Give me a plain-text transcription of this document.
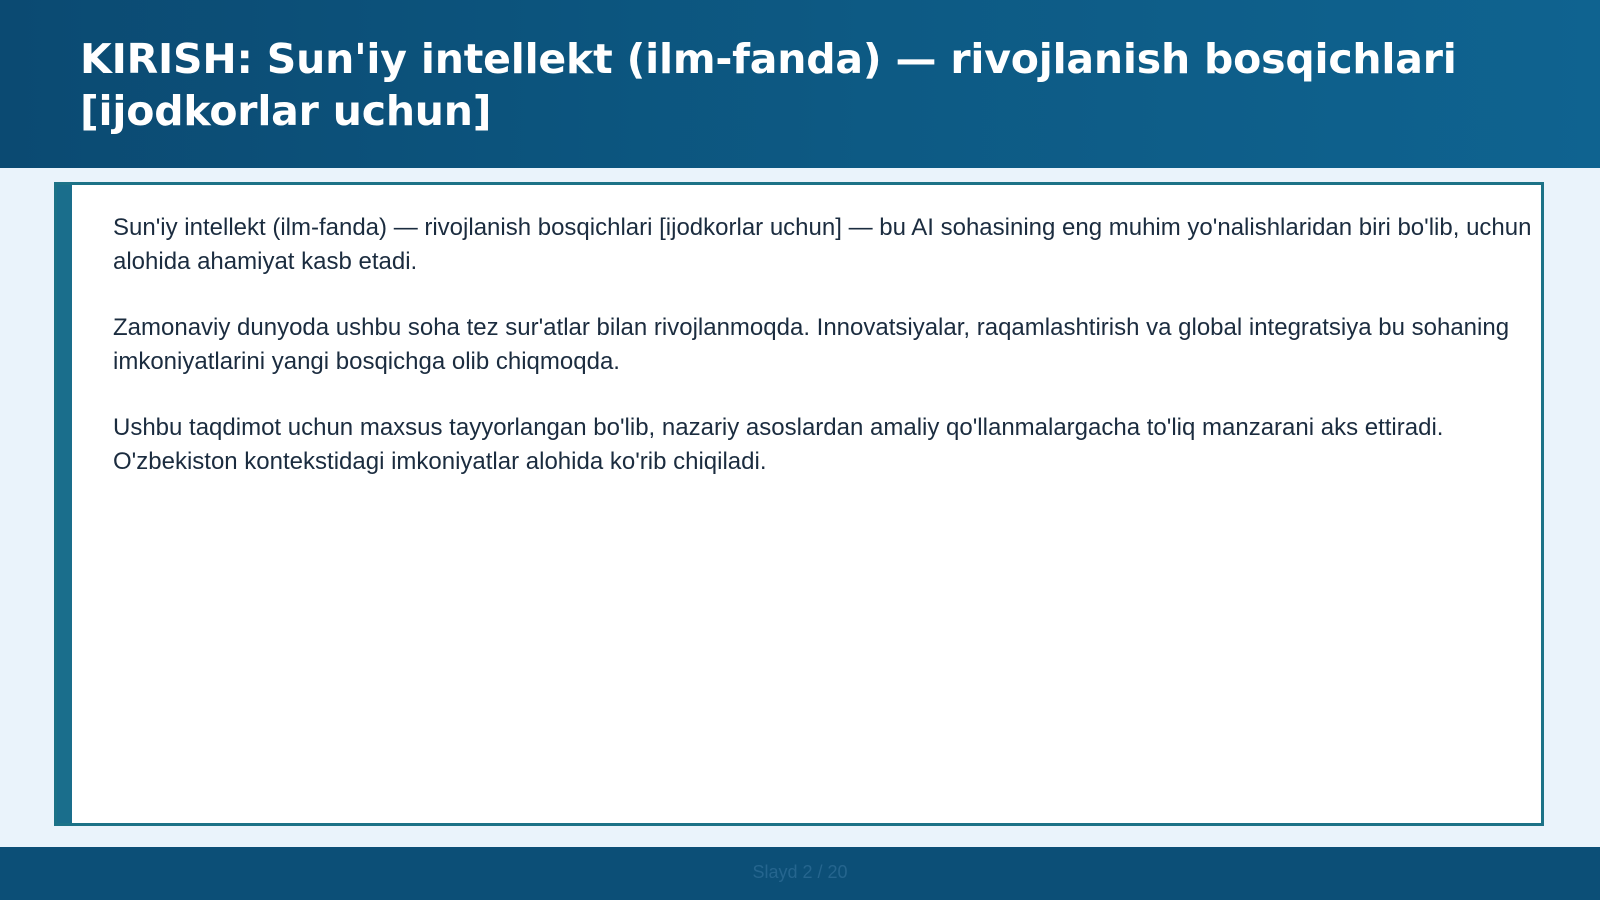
KIRISH: Sun'iy intellekt (ilm-fanda) — rivojlanish bosqichlari [ijodkorlar uchun]

Sun'iy intellekt (ilm-fanda) — rivojlanish bosqichlari [ijodkorlar uchun] — bu AI sohasining eng muhim yo'nalishlaridan biri bo'lib, uchun alohida ahamiyat kasb etadi.

Zamonaviy dunyoda ushbu soha tez sur'atlar bilan rivojlanmoqda. Innovatsiyalar, raqamlashtirish va global integratsiya bu sohaning imkoniyatlarini yangi bosqichga olib chiqmoqda.

Ushbu taqdimot uchun maxsus tayyorlangan bo'lib, nazariy asoslardan amaliy qo'llanmalargacha to'liq manzarani aks ettiradi. O'zbekiston kontekstidagi imkoniyatlar alohida ko'rib chiqiladi.

Slayd 2 / 20
